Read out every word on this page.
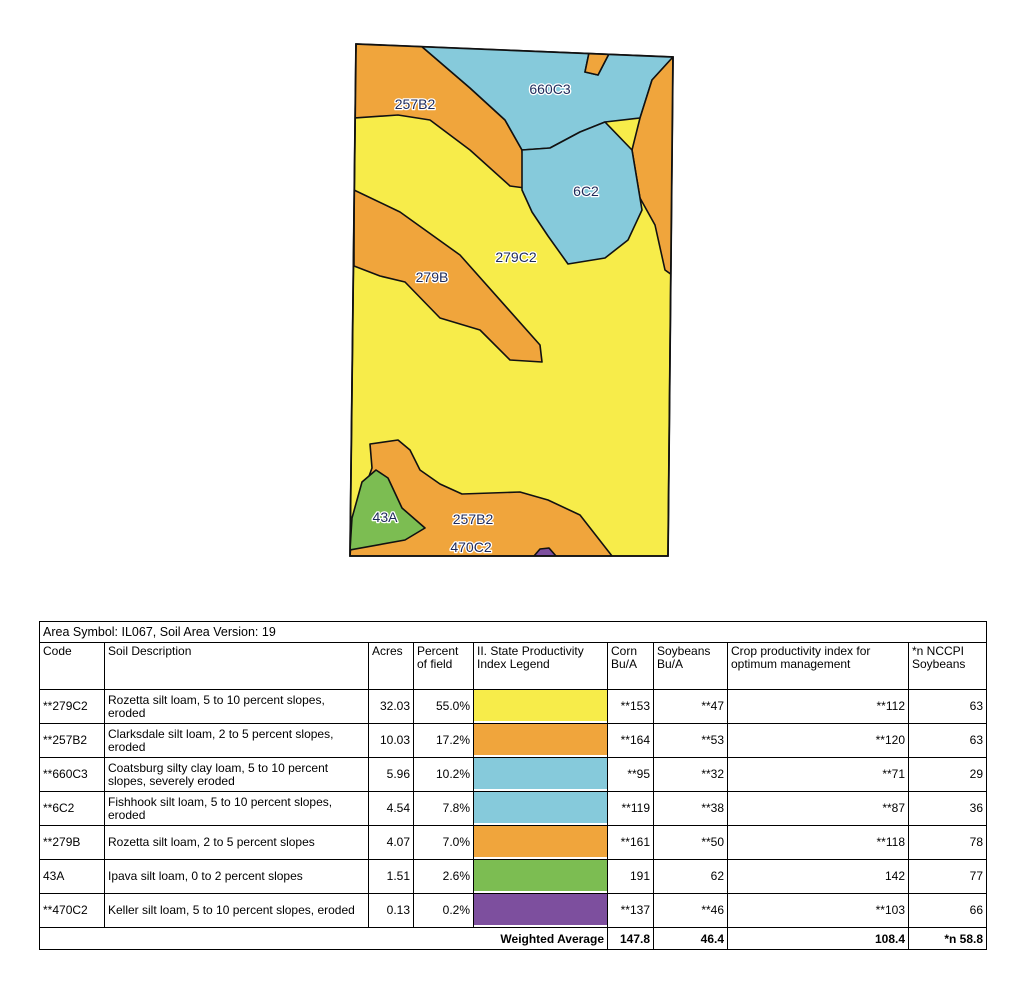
257B2
660C3
6C2
279C2
279B
43A	257B2
470C2
Area Symbol: IL067, Soil Area Version: 19								
Code	Soil Description	Acres	Percent of field	II. State Productivity Index Legend	Corn Bu/A	Soybeans Bu/A	Crop productivity index for optimum management	*n NCCPI Soybeans
**279C2	Rozetta silt loam, 5 to 10 percent slopes, eroded	32.03	55.0%		**153	**47	**112	63
**257B2	Clarksdale silt loam, 2 to 5 percent slopes, eroded	10.03	17.2%		**164	**53	**120	63
**660C3	Coatsburg silty clay loam, 5 to 10 percent slopes, severely eroded	5.96	10.2%		**95	**32	**71	29
**6C2	Fishhook silt loam, 5 to 10 percent slopes, eroded	4.54	7.8%		**119	**38	**87	36
**279B	Rozetta silt loam, 2 to 5 percent slopes	4.07	7.0%		**161	**50	**118	78
43A	Ipava silt loam, 0 to 2 percent slopes	1.51	2.6%		191	62	142	77
**470C2	Keller silt loam, 5 to 10 percent slopes, eroded	0.13	0.2%		**137	**46	**103	66
Weighted Average					147.8	46.4	108.4	*n 58.8
